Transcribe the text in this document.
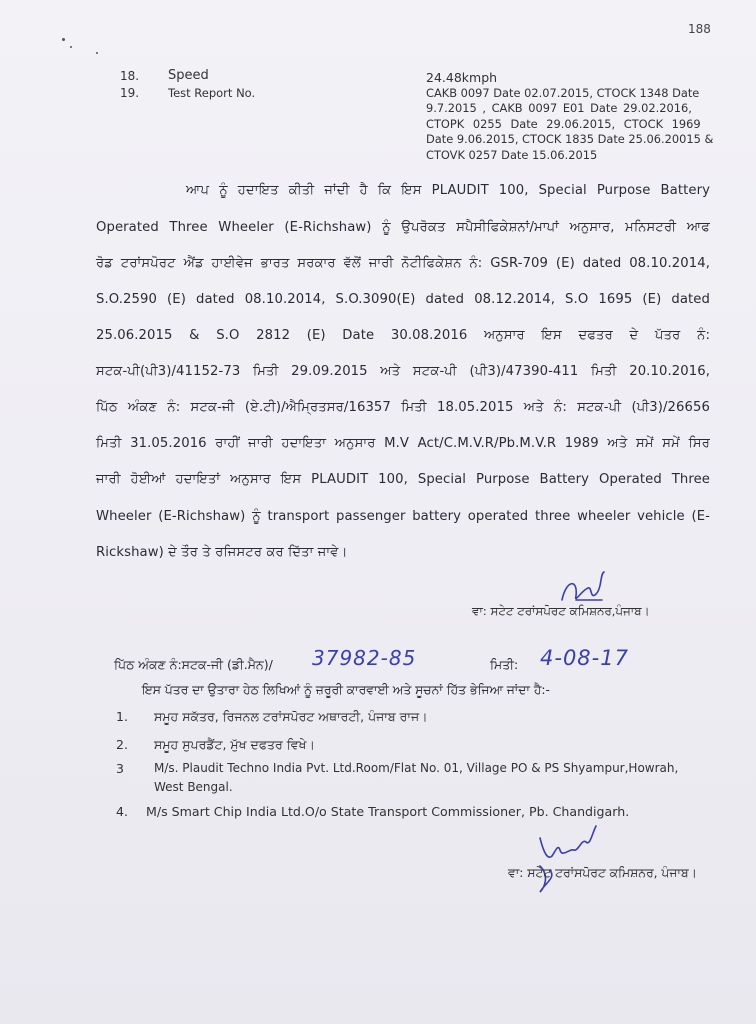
188
18. Speed	24.48kmph
19.	Test Report No.	CAKB 0097 Date 02.07.2015, CTOCK 1348 Date
9.7.2015 , CAKB 0097 E01 Date 29.02.2016,
CTOPK 0255 Date 29.06.2015, CTOCK 1969
Date 9.06.2015, CTOCK 1835 Date 25.06.20015 &
CTOVK 0257 Date 15.06.2015
ਆਪ ਨੂੰ ਹਦਾਇਤ ਕੀਤੀ ਜਾਂਦੀ ਹੈ ਕਿ ਇਸ PLAUDIT 100, Special Purpose Battery
Operated Three Wheeler (E-Richshaw) ਨੂੰ ਉਪਰੋਕਤ ਸਪੈਸੀਫਿਕੇਸ਼ਨਾਂ/ਮਾਪਾਂ ਅਨੁਸਾਰ, ਮਨਿਸਟਰੀ ਆਫ
ਰੋਡ ਟਰਾਂਸਪੋਰਟ ਐਂਡ ਹਾਈਵੇਜ ਭਾਰਤ ਸਰਕਾਰ ਵੱਲੋਂ ਜਾਰੀ ਨੋਟੀਫਿਕੇਸ਼ਨ ਨੰ: GSR-709 (E) dated 08.10.2014,
S.O.2590 (E) dated 08.10.2014, S.O.3090(E) dated 08.12.2014, S.O 1695 (E) dated
25.06.2015 & S.O 2812 (E) Date 30.08.2016 ਅਨੁਸਾਰ ਇਸ ਦਫਤਰ ਦੇ ਪੱਤਰ ਨੰ:
ਸਟਕ-ਪੀ(ਪੀ3)/41152-73 ਮਿਤੀ 29.09.2015 ਅਤੇ ਸਟਕ-ਪੀ (ਪੀ3)/47390-411 ਮਿਤੀ 20.10.2016,
ਪਿੱਠ ਅੰਕਣ ਨੰ: ਸਟਕ-ਜੀ (ਏ.ਟੀ)/ਐਮ੍ਰਿਤਸਰ/16357 ਮਿਤੀ 18.05.2015 ਅਤੇ ਨੰ: ਸਟਕ-ਪੀ (ਪੀ3)/26656
ਮਿਤੀ 31.05.2016 ਰਾਹੀਂ ਜਾਰੀ ਹਦਾਇਤਾ ਅਨੁਸਾਰ M.V Act/C.M.V.R/Pb.M.V.R 1989 ਅਤੇ ਸਮੇਂ ਸਮੇਂ ਸਿਰ
ਜਾਰੀ ਹੋਈਆਂ ਹਦਾਇਤਾਂ ਅਨੁਸਾਰ ਇਸ PLAUDIT 100, Special Purpose Battery Operated Three
Wheeler (E-Richshaw) ਨੂੰ transport passenger battery operated three wheeler vehicle (E-
Rickshaw) ਦੇ ਤੌਰ ਤੇ ਰਜਿਸਟਰ ਕਰ ਦਿੱਤਾ ਜਾਵੇ।
ਵਾ: ਸਟੇਟ ਟਰਾਂਸਪੋਰਟ ਕਮਿਸ਼ਨਰ,ਪੰਜਾਬ।
ਪਿੱਠ ਅੰਕਣ ਨੰ:ਸਟਕ-ਜੀ (ਡੀ.ਮੈਨ)/ 37982-85	ਮਿਤੀ: 4-08-17
ਇਸ ਪੱਤਰ ਦਾ ਉਤਾਰਾ ਹੇਠ ਲਿਖਿਆਂ ਨੂੰ ਜ਼ਰੂਰੀ ਕਾਰਵਾਈ ਅਤੇ ਸੂਚਨਾਂ ਹਿੱਤ ਭੇਜਿਆ ਜਾਂਦਾ ਹੈ:-
1. ਸਮੂਹ ਸਕੱਤਰ, ਰਿਜਨਲ ਟਰਾਂਸਪੋਰਟ ਅਥਾਰਟੀ, ਪੰਜਾਬ ਰਾਜ।
2. ਸਮੂਹ ਸੁਪਰਡੈਂਟ, ਮੁੱਖ ਦਫਤਰ ਵਿਖੇ।
3	M/s. Plaudit Techno India Pvt. Ltd.Room/Flat No. 01, Village PO & PS Shyampur,Howrah,
West Bengal.
4. M/s Smart Chip India Ltd.O/o State Transport Commissioner, Pb. Chandigarh.
ਵਾ: ਸਟੇਟ ਟਰਾਂਸਪੋਰਟ ਕਮਿਸ਼ਨਰ, ਪੰਜਾਬ।
